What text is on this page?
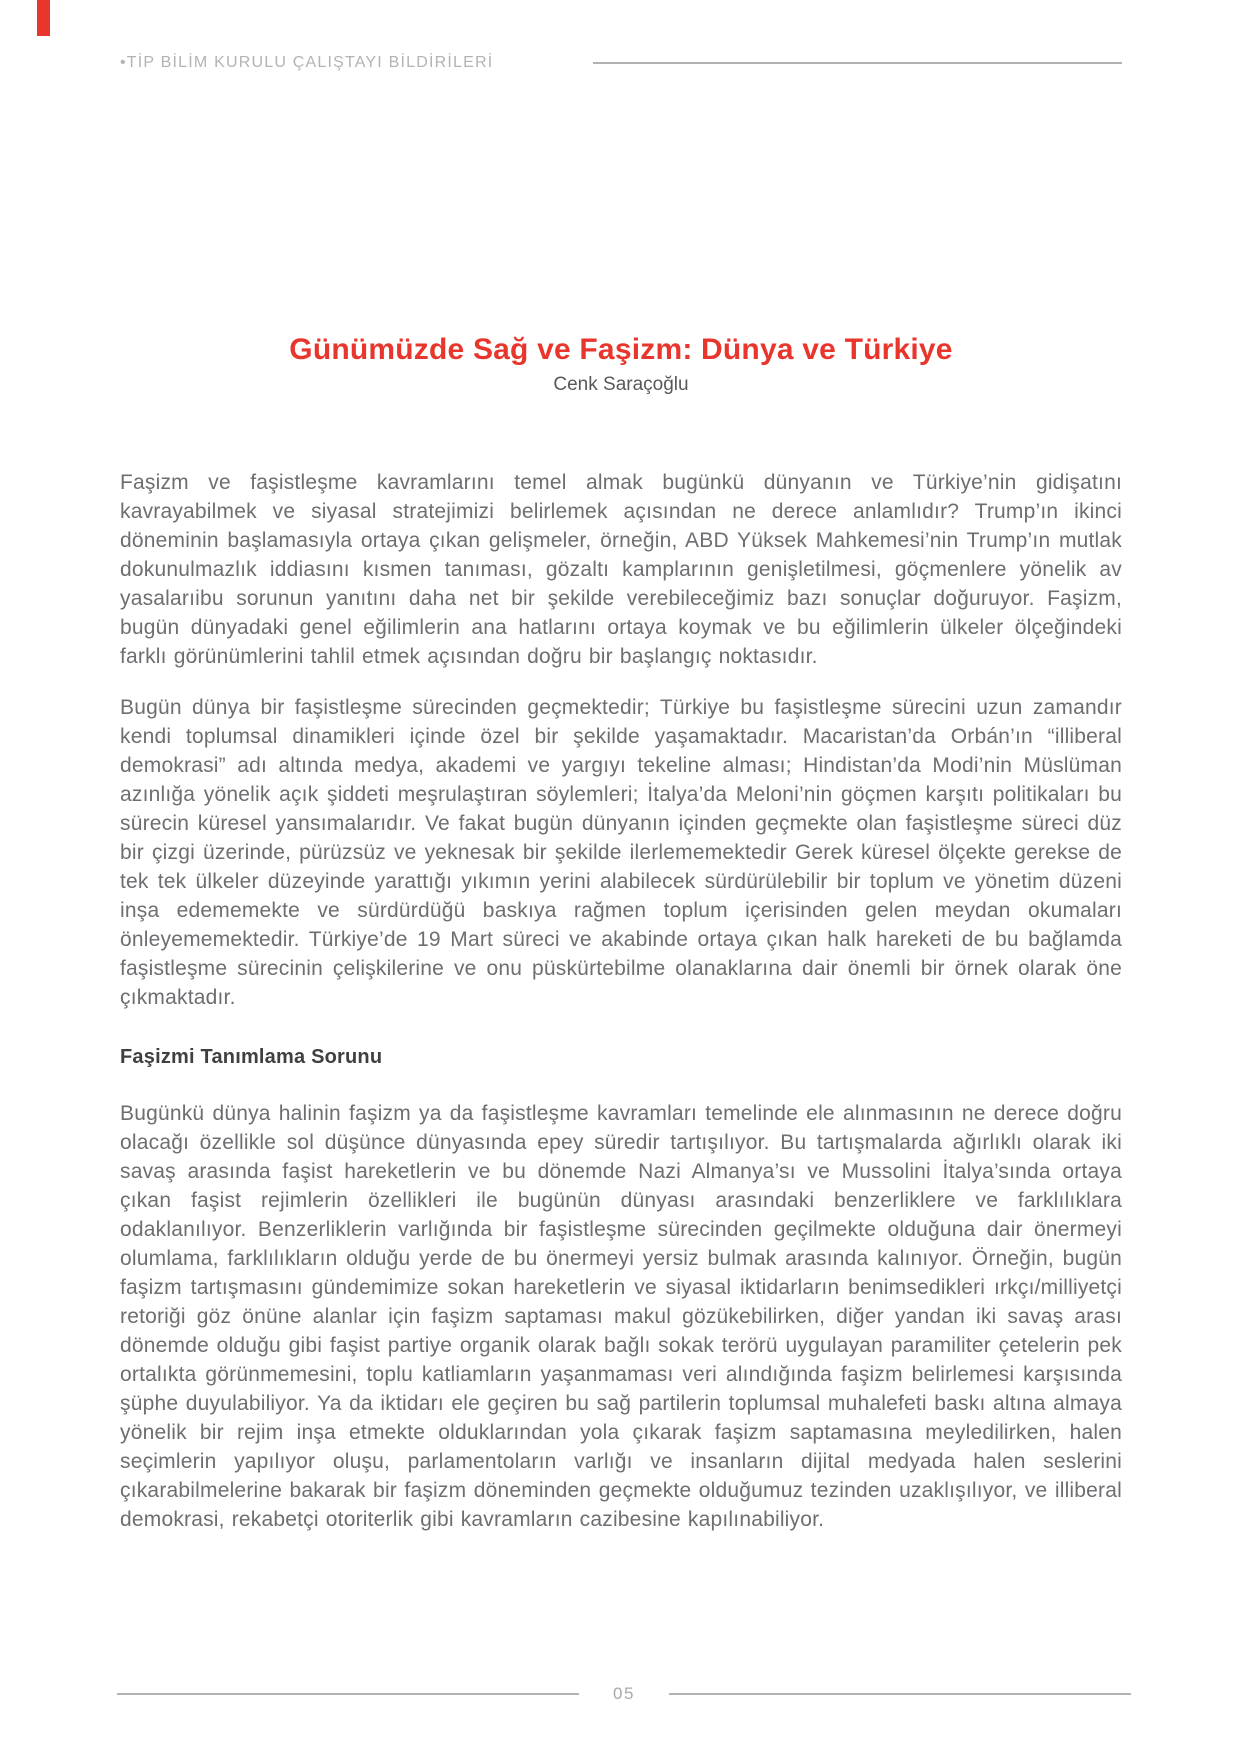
•TİP BİLİM KURULU ÇALIŞTAYI BİLDİRİLERİ
Günümüzde Sağ ve Faşizm: Dünya ve Türkiye
Cenk Saraçoğlu

Faşizm ve faşistleşme kavramlarını temel almak bugünkü dünyanın ve Türkiye’nin gidişatını kavrayabilmek ve siyasal stratejimizi belirlemek açısından ne derece anlamlıdır? Trump’ın ikinci döneminin başlamasıyla ortaya çıkan gelişmeler, örneğin, ABD Yüksek Mahkemesi’nin Trump’ın mutlak dokunulmazlık iddiasını kısmen tanıması, gözaltı kamplarının genişletilmesi, göçmenlere yönelik av yasalarıibu sorunun yanıtını daha net bir şekilde verebileceğimiz bazı sonuçlar doğuruyor. Faşizm, bugün dünyadaki genel eğilimlerin ana hatlarını ortaya koymak ve bu eğilimlerin ülkeler ölçeğindeki farklı görünümlerini tahlil etmek açısından doğru bir başlangıç noktasıdır.

Bugün dünya bir faşistleşme sürecinden geçmektedir; Türkiye bu faşistleşme sürecini uzun zamandır kendi toplumsal dinamikleri içinde özel bir şekilde yaşamaktadır. Macaristan’da Orbán’ın “illiberal demokrasi” adı altında medya, akademi ve yargıyı tekeline alması; Hindistan’da Modi’nin Müslüman azınlığa yönelik açık şiddeti meşrulaştıran söylemleri; İtalya’da Meloni’nin göçmen karşıtı politikaları bu sürecin küresel yansımalarıdır. Ve fakat bugün dünyanın içinden geçmekte olan faşistleşme süreci düz bir çizgi üzerinde, pürüzsüz ve yeknesak bir şekilde ilerlememektedir Gerek küresel ölçekte gerekse de tek tek ülkeler düzeyinde yarattığı yıkımın yerini alabilecek sürdürülebilir bir toplum ve yönetim düzeni inşa edememekte ve sürdürdüğü baskıya rağmen toplum içerisinden gelen meydan okumaları önleyememektedir. Türkiye’de 19 Mart süreci ve akabinde ortaya çıkan halk hareketi de bu bağlamda faşistleşme sürecinin çelişkilerine ve onu püskürtebilme olanaklarına dair önemli bir örnek olarak öne çıkmaktadır.

Faşizmi Tanımlama Sorunu

Bugünkü dünya halinin faşizm ya da faşistleşme kavramları temelinde ele alınmasının ne derece doğru olacağı özellikle sol düşünce dünyasında epey süredir tartışılıyor. Bu tartışmalarda ağırlıklı olarak iki savaş arasında faşist hareketlerin ve bu dönemde Nazi Almanya’sı ve Mussolini İtalya’sında ortaya çıkan faşist rejimlerin özellikleri ile bugünün dünyası arasındaki benzerliklere ve farklılıklara odaklanılıyor. Benzerliklerin varlığında bir faşistleşme sürecinden geçilmekte olduğuna dair önermeyi olumlama, farklılıkların olduğu yerde de bu önermeyi yersiz bulmak arasında kalınıyor. Örneğin, bugün faşizm tartışmasını gündemimize sokan hareketlerin ve siyasal iktidarların benimsedikleri ırkçı/milliyetçi retoriği göz önüne alanlar için faşizm saptaması makul gözükebilirken, diğer yandan iki savaş arası dönemde olduğu gibi faşist partiye organik olarak bağlı sokak terörü uygulayan paramiliter çetelerin pek ortalıkta görünmemesini, toplu katliamların yaşanmaması veri alındığında faşizm belirlemesi karşısında şüphe duyulabiliyor. Ya da iktidarı ele geçiren bu sağ partilerin toplumsal muhalefeti baskı altına almaya yönelik bir rejim inşa etmekte olduklarından yola çıkarak faşizm saptamasına meyledilirken, halen seçimlerin yapılıyor oluşu, parlamentoların varlığı ve insanların dijital medyada halen seslerini çıkarabilmelerine bakarak bir faşizm döneminden geçmekte olduğumuz tezinden uzaklışılıyor, ve illiberal demokrasi, rekabetçi otoriterlik gibi kavramların cazibesine kapılınabiliyor.

05
